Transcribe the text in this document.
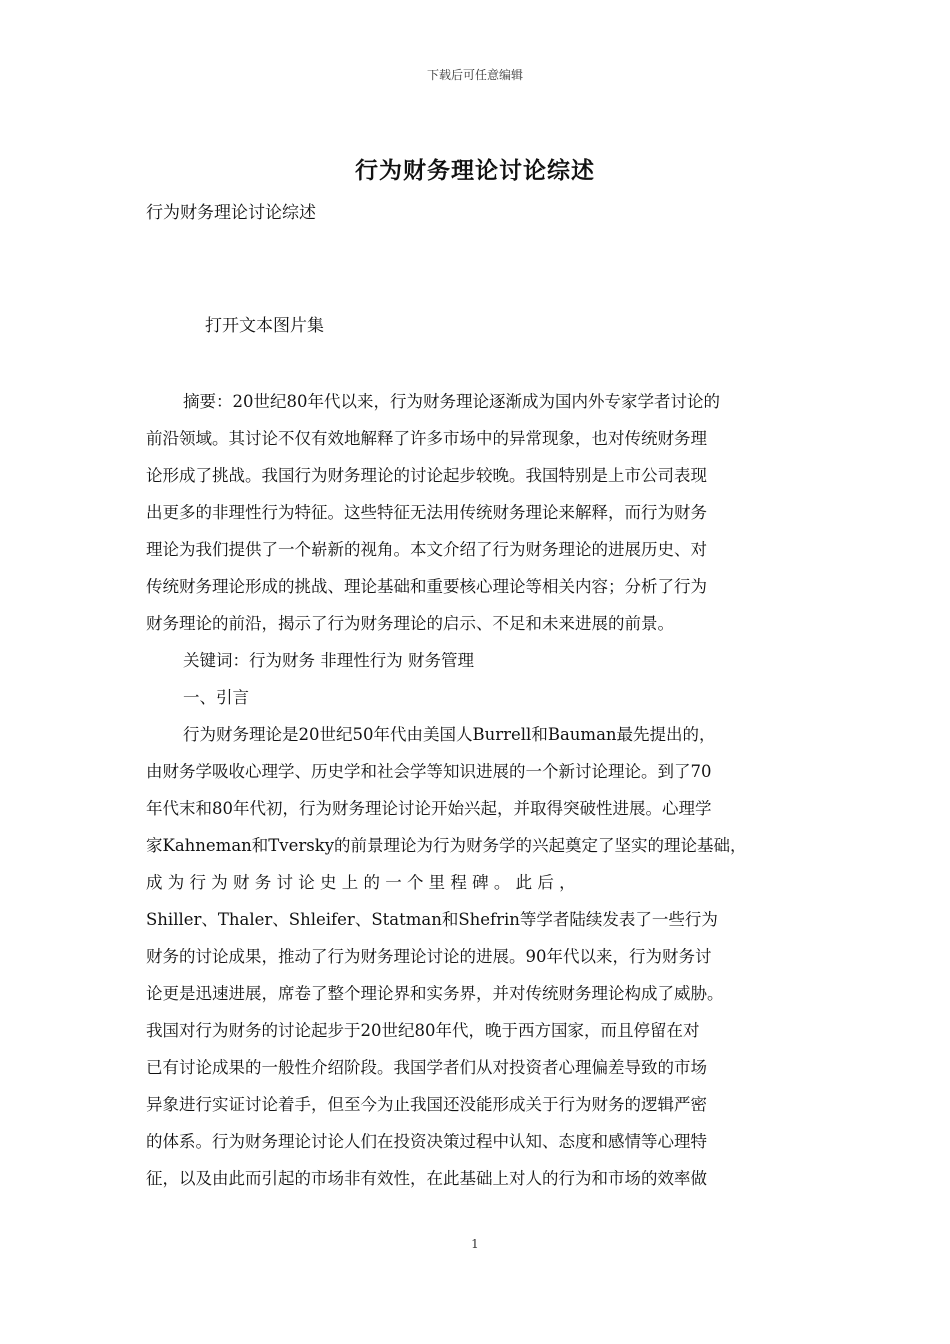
下载后可任意编辑
行为财务理论讨论综述
行为财务理论讨论综述
打开文本图片集
摘要：20世纪80年代以来，行为财务理论逐渐成为国内外专家学者讨论的
前沿领域。其讨论不仅有效地解释了许多市场中的异常现象，也对传统财务理
论形成了挑战。我国行为财务理论的讨论起步较晚。我国特别是上市公司表现
出更多的非理性行为特征。这些特征无法用传统财务理论来解释，而行为财务
理论为我们提供了一个崭新的视角。本文介绍了行为财务理论的进展历史、对
传统财务理论形成的挑战、理论基础和重要核心理论等相关内容；分析了行为
财务理论的前沿，揭示了行为财务理论的启示、不足和未来进展的前景。
关键词：行为财务 非理性行为 财务管理
一、引言
行为财务理论是20世纪50年代由美国人Burrell和Bauman最先提出的，
由财务学吸收心理学、历史学和社会学等知识进展的一个新讨论理论。到了70
年代末和80年代初，行为财务理论讨论开始兴起，并取得突破性进展。心理学
家Kahneman和Tversky的前景理论为行为财务学的兴起奠定了坚实的理论基础，
成 为 行 为 财 务 讨 论 史 上 的 一 个 里 程 碑 。 此 后 ，
Shiller、Thaler、Shleifer、Statman和Shefrin等学者陆续发表了一些行为
财务的讨论成果，推动了行为财务理论讨论的进展。90年代以来，行为财务讨
论更是迅速进展，席卷了整个理论界和实务界，并对传统财务理论构成了威胁。
我国对行为财务的讨论起步于20世纪80年代，晚于西方国家，而且停留在对
已有讨论成果的一般性介绍阶段。我国学者们从对投资者心理偏差导致的市场
异象进行实证讨论着手，但至今为止我国还没能形成关于行为财务的逻辑严密
的体系。行为财务理论讨论人们在投资决策过程中认知、态度和感情等心理特
征，以及由此而引起的市场非有效性，在此基础上对人的行为和市场的效率做
1
